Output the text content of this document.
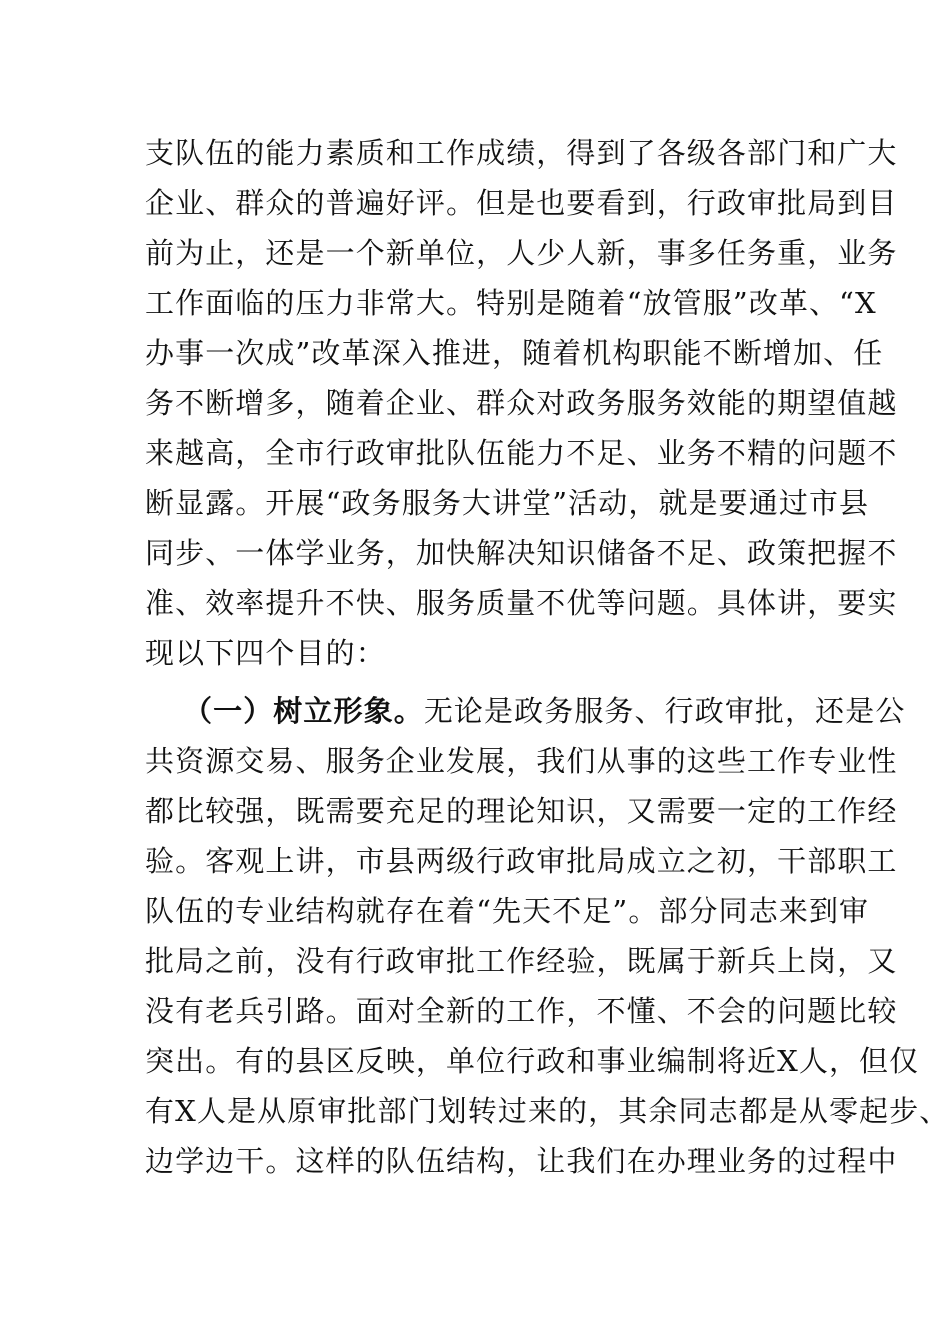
支队伍的能力素质和工作成绩，得到了各级各部门和广大
企业、群众的普遍好评。但是也要看到，行政审批局到目
前为止，还是一个新单位，人少人新，事多任务重，业务
工作面临的压力非常大。特别是随着“放管服”改革、“X
办事一次成”改革深入推进，随着机构职能不断增加、任
务不断增多，随着企业、群众对政务服务效能的期望值越
来越高，全市行政审批队伍能力不足、业务不精的问题不
断显露。开展“政务服务大讲堂”活动，就是要通过市县
同步、一体学业务，加快解决知识储备不足、政策把握不
准、效率提升不快、服务质量不优等问题。具体讲，要实
现以下四个目的：
（一）树立形象。无论是政务服务、行政审批，还是公
共资源交易、服务企业发展，我们从事的这些工作专业性
都比较强，既需要充足的理论知识，又需要一定的工作经
验。客观上讲，市县两级行政审批局成立之初，干部职工
队伍的专业结构就存在着“先天不足”。部分同志来到审
批局之前，没有行政审批工作经验，既属于新兵上岗，又
没有老兵引路。面对全新的工作，不懂、不会的问题比较
突出。有的县区反映，单位行政和事业编制将近X人，但仅
有X人是从原审批部门划转过来的，其余同志都是从零起步、
边学边干。这样的队伍结构，让我们在办理业务的过程中
